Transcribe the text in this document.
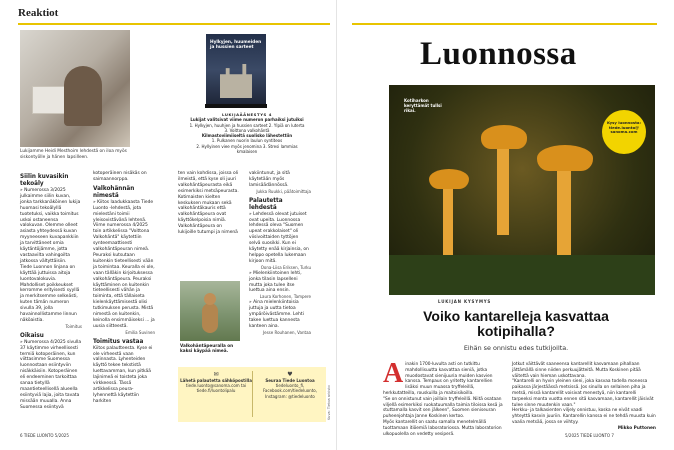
Reaktiot
Lukijamme Heidi Mesthoim lehdestä on iloa myös siskontyölle ja hänen lapsilleen.
Hylkyjen, huumeiden ja hussien sarteet
LUKIJAÄÄNESTYS 4
Lukijat valitsivat viime numeron parhaiksi jutuiksi
1. Hylkyjen, huuhjen ja hussien sarteet 2. Ylpiä on luterta
3. Voittona valkohäntä
Kilmastoviimiiseltä suolisko lähestettiin
1. Pulkanen nuorin laulun syntiteos
2. Hyllyinen viee myös jenomina 3. Stresi lammias kmalaisen

Siilin kuvasikin tekoäly

» Numerossa 3/2025 julkaimme siilin kuvan, jonka tarkkanäköinen lukija huomasi tekoälyllä tuotetuksi, vaikka toimitus uskoi ostaneensa valokuvan. Olemme olleet asiasta yhteydessä kuvan myyneeseen kuvapankkiin ja tarvittäneet omia käytäntöjämme, jotta vastaavilta vahingoilta jatkossa vältyttäisiin.

Tiede Luonnon linjana on käyttää juttuissa aitoja luontovalokuvia. Mahdolliset poikkeukset kerromme erityisesti syyllä ja merkitsemme selkeästi, kuten tämän numeron sivulla 39, jolla havainnollistamme linnun näköaistia.

Toimitus

Oikaisu

» Numerossa 4/2025 sivulla 37 käytimme virheellisesti termiä kotoperäinen, kun viittasimme Suomessa luonnostaan esiintyviin nisäkkäisiin. Kotoperäinen eli endeeminen tarkoittaa sanaa tietyllä maantieteellisellä alueella esiintyviä lajia, joita tavata missään muualla. Anna Suomessa esiintyvä

kotoperäinen nisäkäs on saimaannorppa.

Valkohännän nimestä

» Kiitos laadukkaasta Tiede Luonto -lehdestä, jota mielestäni toimii yleisovistävänä lehtenä.

Viime numerossa 4/2025 toin artikkelissa "Voittona Valkohäntä" käytettiin synteemaattisesti valkohäntäpeuran nimeä. Peuraksi kutsutaan kuitenkin tieteellisesti vään ja toimintaa. Keuralla ei ole, vaan tälläkin kirjoituksessa valkohäntäpeura. Peuraksi käyttäminen on kuitenkin tieteellisesti vähän ja toiminta, että tällaiseta kielenkäyttämisestä olisi tutkimuksen perusta. Mistä nimestä on kuitenkin, keinolla ensimmäiseksi ... ja uusia siitteestä.

Emilia Suvinen

Toimitus vastaa

Kiitos palautteesta. Kyse ei ole virheestä vaan valinnasta. Lyhenteiden käyttö tekee tekstistä luettavamman, kun pitkää lajinimeä ei toisteta joka virkkeessä. Tässä artikkelissa peura-lyhennettä käytettiin harkiten

ten vain kohdissa, joissa oli ilmeistä, että kyse oli juuri valkohäntäpeurasta eikä esimerkiksi metsäpeurasta.

Kotimaisten kielten keskuksen mukaan sekä valkohäntäkauris että valkohäntäpeura ovat käyttökelpoisia nimiä. Valkohäntäpeura on lukijoille tutumpi ja nimenä

Valkohäntäpeuralla on kaksi käypää nimeä.

vakiintunut, ja sitä käytetään myös lamisäädännössä.

Jukka Ruukki, päätoimittaja

Palautetta lehdestä

» Lehdessä olevat jutuiset ovat upeita. Luonnossa lehdessä oleva "Suomen upeat erakkolaiset" oli viisivoittaiden tyttöjen selvä suosikki. Kun ei käytetty enää kirjainsia, on helppo opetella lukemaan kirjoon mitä.

Oona-Liisa Eriksen, Turku

» Mielenkiintoinen lehti, jonka tilasin lapselleni mutta joka tulee itse luettua aina ensin.

Laura Korhonen, Tampere

» Aina mielenkiintoisia juttuja ja uutta tietoa ympäröivästämme. Lehti takee luettua kannesta kanteen aina.

Jesse Rouhanen, Vantaa

✉
Lähetä palautetta sähköpostilla
tiede.luonto@sanoma.com tai tiede.fi/luontolipalu
♥
Seuraa Tiede Luontoa
tiedeluonto_fi, Facebook.com/tiedeluonto, Instagram: @tiedeluonto	Kuva: Tietoa arkisto
6 TIEDE LUONTO 5/2025
Luonnossa
Kotiharkon keryttämät tullsi rikai.
Kysy luonnosta: tiede.luonto@ sanoma.com
LUKIJAN KYSYMYS
Voiko kantarelleja kasvattaa kotipihalla?
Eihän se onnistu edes tutkijoilta.
A inakin 1700-luvulta asti on tutkittu mahdollisuutta kasvattaa sieniä, jotka muodostavat sienijuuria muiden kasvien kanssa. Tempaus on yritetty kantarellien lisäksi muun muassa tryffeleillä, herkkutatteilla, rouskuilla ja maitoisikoilla.

"Se on onnistunut vain joillain tryffeleillä. Niitä osataan viljellä esimerkiksi ruokatuumalla taimia tiloissa kesä ja stuttamalla kasvit sen jälkeen", Suomen sieniseuran puheenjohtaja Janne Koskinen kertoo.

Myös kantarellit on saatu samalla menetelmällä tuottamaan itiöemiä laboratoriossa. Mutta laboratorion ulkopuolella on vedetty vesiperä.

Jotkut väittävät saaneensa kantarellit kasvamaan pihallaan jättämällä sinne niiden perkuujätteitä. Mutta Koskinen pitää väitettä vain hieman uskottavana.

"Kantarelli on hyvin yleinen sieni, joka kasvaa todella monessa paikassa järjestäässä metsissä. Jos sinulla on sellainen piha ja metsä, missä kantarellit voisivat menestyä, niin kantarelli tarpeeksi monta vuotta ennen sitä kasvamaan, kantarellit jäisivät tulee sinne muutenkin vaan."

Herkku- ja talkasienten viljely onnistuu, koska ne eivät vaadi yhteyttä kasvin juuriin. Kantarellin kanssa ei ne tehdä muusta kuin vaalia metsää, jossa se viihtyy.

Mikko Puttonen

5/2025 TIEDE LUONTO 7
